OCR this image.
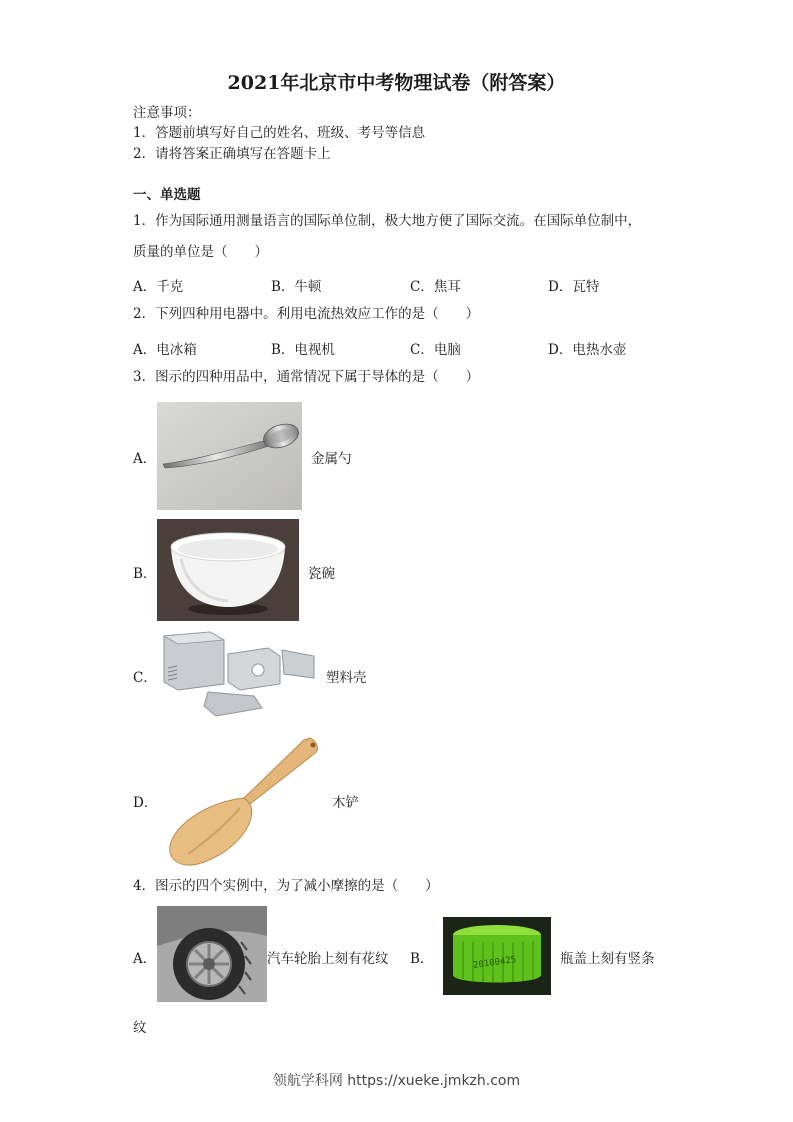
2021年北京市中考物理试卷（附答案）
注意事项：
1．答题前填写好自己的姓名、班级、考号等信息
2．请将答案正确填写在答题卡上
一、单选题
1．作为国际通用测量语言的国际单位制，极大地方便了国际交流。在国际单位制中，
质量的单位是（　　）
A．千克	B．牛顿	C．焦耳	D．瓦特
2．下列四种用电器中。利用电流热效应工作的是（　　）
A．电冰箱	B．电视机	C．电脑	D．电热水壶
3．图示的四种用品中，通常情况下属于导体的是（　　）
A．	金属勺
B．	瓷碗
C．	塑料壳
D．	木铲
4．图示的四个实例中，为了减小摩擦的是（　　）
A．	汽车轮胎上刻有花纹 B．	20100425	瓶盖上刻有竖条
纹
领航学科网 https://xueke.jmkzh.com
